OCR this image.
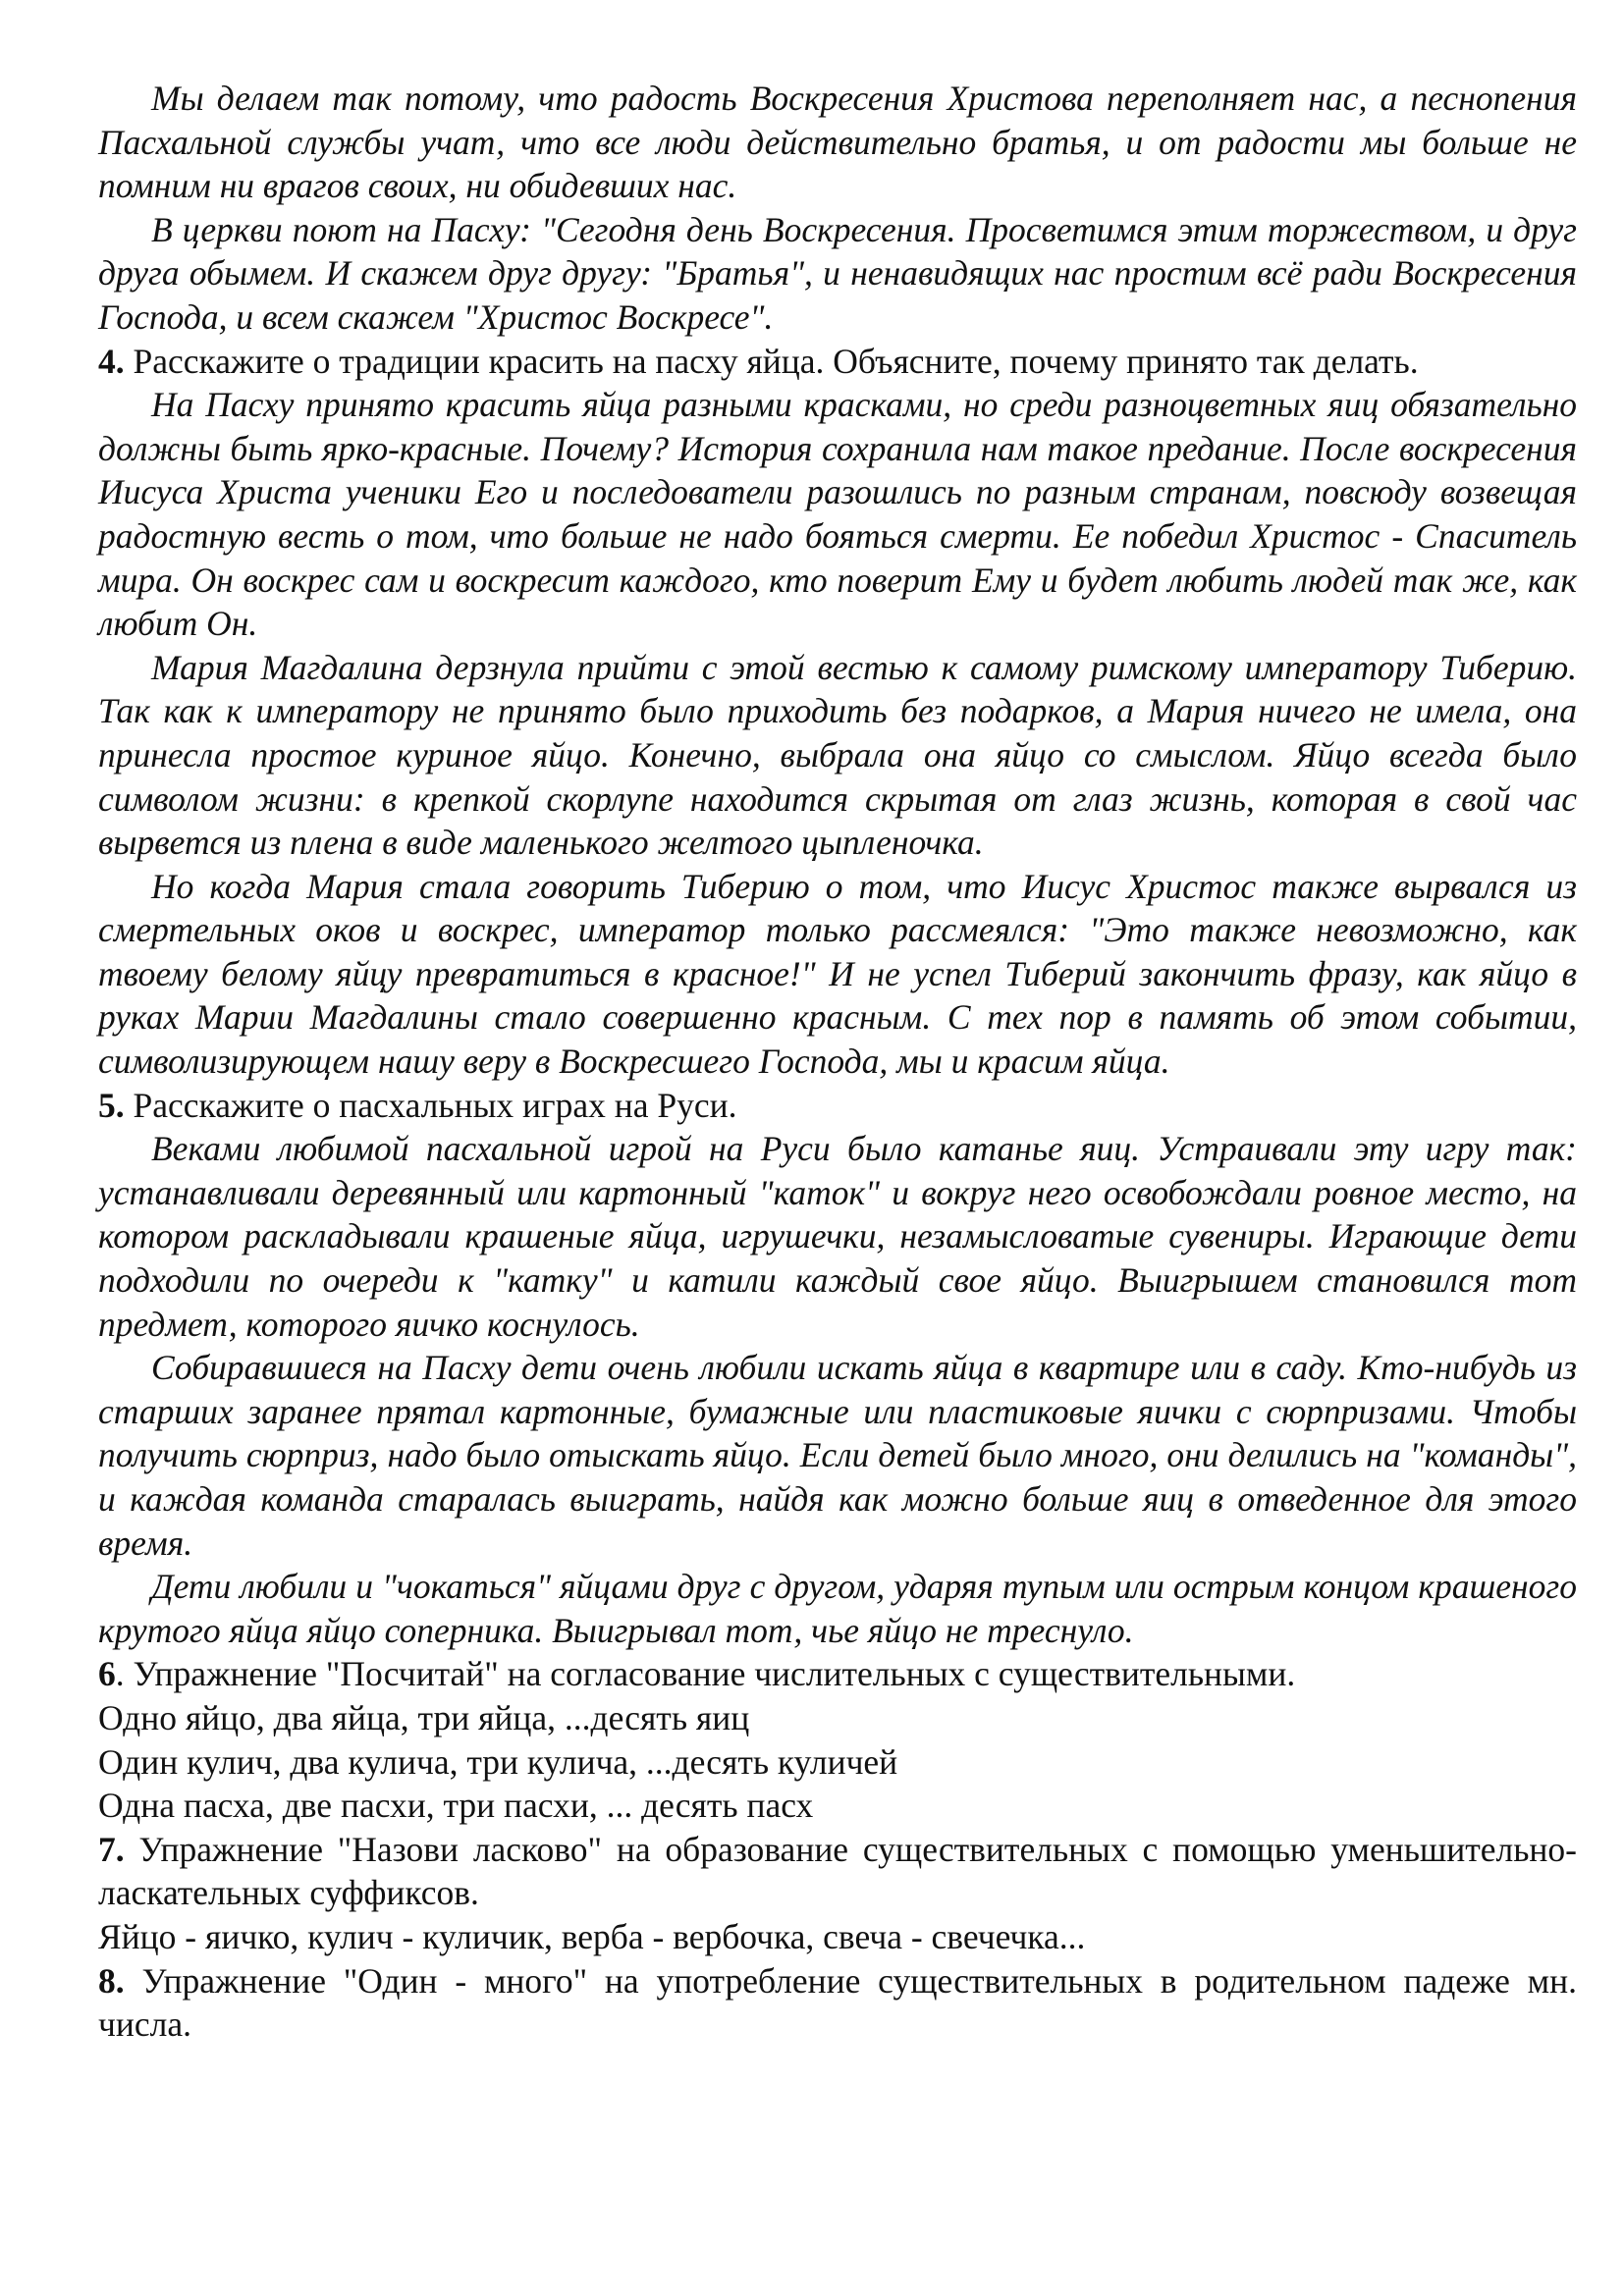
Мы делаем так потому, что радость Воскресения Христова переполняет нас, а песнопения Пасхальной службы учат, что все люди действительно братья, и от радости мы больше не помним ни врагов своих, ни обидевших нас.

В церкви поют на Пасху: "Сегодня день Воскресения. Просветимся этим торжеством, и друг друга обымем. И скажем друг другу: "Братья", и ненавидящих нас простим всё ради Воскресения Господа, и всем скажем "Христос Воскресе".

4. Расскажите о традиции красить на пасху яйца. Объясните, почему принято так делать.

На Пасху принято красить яйца разными красками, но среди разноцветных яиц обязательно должны быть ярко-красные. Почему? История сохранила нам такое предание. После воскресения Иисуса Христа ученики Его и последователи разошлись по разным странам, повсюду возвещая радостную весть о том, что больше не надо бояться смерти. Ее победил Христос - Спаситель мира. Он воскрес сам и воскресит каждого, кто поверит Ему и будет любить людей так же, как любит Он.

Мария Магдалина дерзнула прийти с этой вестью к самому римскому императору Тиберию. Так как к императору не принято было приходить без подарков, а Мария ничего не имела, она принесла простое куриное яйцо. Конечно, выбрала она яйцо со смыслом. Яйцо всегда было символом жизни: в крепкой скорлупе находится скрытая от глаз жизнь, которая в свой час вырвется из плена в виде маленького желтого цыпленочка.

Но когда Мария стала говорить Тиберию о том, что Иисус Христос также вырвался из смертельных оков и воскрес, император только рассмеялся: "Это также невозможно, как твоему белому яйцу превратиться в красное!" И не успел Тиберий закончить фразу, как яйцо в руках Марии Магдалины стало совершенно красным. С тех пор в память об этом событии, символизирующем нашу веру в Воскресшего Господа, мы и красим яйца.

5. Расскажите о пасхальных играх на Руси.

Веками любимой пасхальной игрой на Руси было катанье яиц. Устраивали эту игру так: устанавливали деревянный или картонный "каток" и вокруг него освобождали ровное место, на котором раскладывали крашеные яйца, игрушечки, незамысловатые сувениры. Играющие дети подходили по очереди к "катку" и катили каждый свое яйцо. Выигрышем становился тот предмет, которого яичко коснулось.

Собиравшиеся на Пасху дети очень любили искать яйца в квартире или в саду. Кто-нибудь из старших заранее прятал картонные, бумажные или пластиковые яички с сюрпризами. Чтобы получить сюрприз, надо было отыскать яйцо. Если детей было много, они делились на "команды", и каждая команда старалась выиграть, найдя как можно больше яиц в отведенное для этого время.

Дети любили и "чокаться" яйцами друг с другом, ударяя тупым или острым концом крашеного крутого яйца яйцо соперника. Выигрывал тот, чье яйцо не треснуло.

6. Упражнение "Посчитай" на согласование числительных с существительными.

Одно яйцо, два яйца, три яйца, ...десять яиц

Один кулич, два кулича, три кулича, ...десять куличей

Одна пасха, две пасхи, три пасхи, ... десять пасх

7. Упражнение "Назови ласково" на образование существительных с помощью уменьшительно-ласкательных суффиксов.

Яйцо - яичко, кулич - куличик, верба - вербочка, свеча - свечечка...

8. Упражнение "Один - много" на употребление существительных в родительном падеже мн. числа.
